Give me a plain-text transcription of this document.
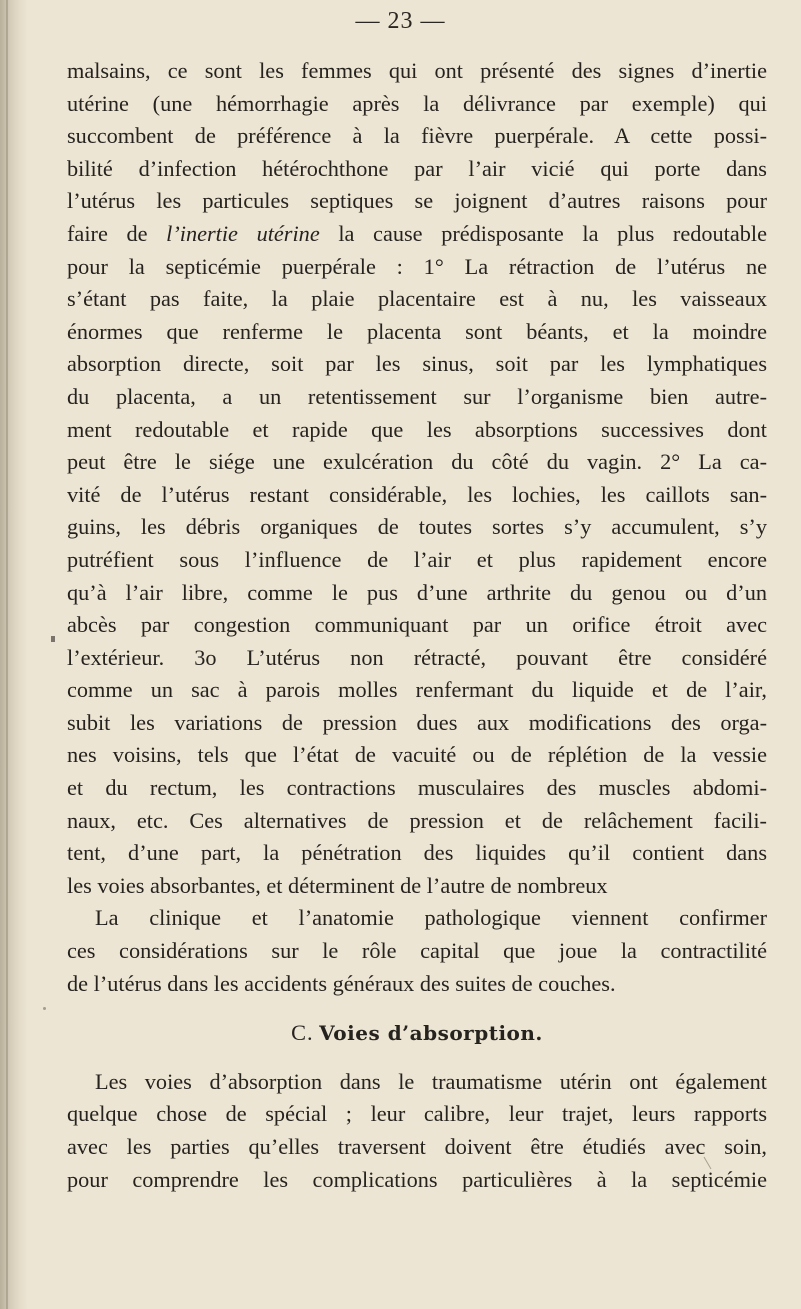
— 23 —
malsains, ce sont les femmes qui ont présenté des signes d’inertie
utérine (une hémorrhagie après la délivrance par exemple) qui
succombent de préférence à la fièvre puerpérale. A cette possi-
bilité d’infection hétérochthone par l’air vicié qui porte dans
l’utérus les particules septiques se joignent d’autres raisons pour
faire de l’inertie utérine la cause prédisposante la plus redoutable
pour la septicémie puerpérale : 1° La rétraction de l’utérus ne
s’étant pas faite, la plaie placentaire est à nu, les vaisseaux
énormes que renferme le placenta sont béants, et la moindre
absorption directe, soit par les sinus, soit par les lymphatiques
du placenta, a un retentissement sur l’organisme bien autre-
ment redoutable et rapide que les absorptions successives dont
peut être le siége une exulcération du côté du vagin. 2° La ca-
vité de l’utérus restant considérable, les lochies, les caillots san-
guins, les débris organiques de toutes sortes s’y accumulent, s’y
putréfient sous l’influence de l’air et plus rapidement encore
qu’à l’air libre, comme le pus d’une arthrite du genou ou d’un
abcès par congestion communiquant par un orifice étroit avec
l’extérieur. 3o L’utérus non rétracté, pouvant être considéré
comme un sac à parois molles renfermant du liquide et de l’air,
subit les variations de pression dues aux modifications des orga-
nes voisins, tels que l’état de vacuité ou de réplétion de la vessie
et du rectum, les contractions musculaires des muscles abdomi-
naux, etc. Ces alternatives de pression et de relâchement facili-
tent, d’une part, la pénétration des liquides qu’il contient dans
les voies absorbantes, et déterminent de l’autre de nombreux
La clinique et l’anatomie pathologique viennent confirmer
ces considérations sur le rôle capital que joue la contractilité
de l’utérus dans les accidents généraux des suites de couches.
C. Voies d’absorption.
Les voies d’absorption dans le traumatisme utérin ont également
quelque chose de spécial ; leur calibre, leur trajet, leurs rapports
avec les parties qu’elles traversent doivent être étudiés avec soin,
pour comprendre les complications particulières à la septicémie
